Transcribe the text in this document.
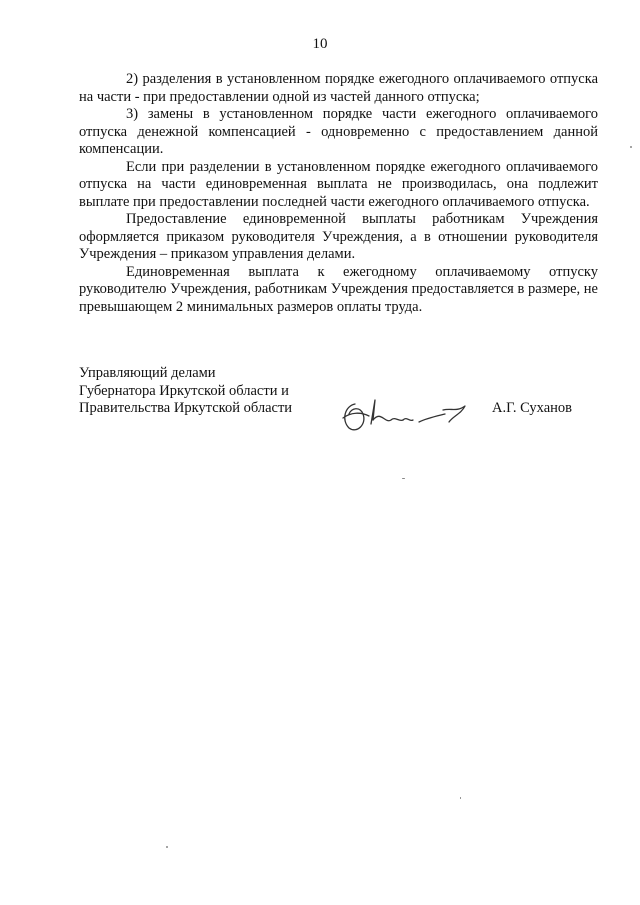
10

2) разделения в установленном порядке ежегодного оплачиваемого отпуска на части - при предоставлении одной из частей данного отпуска;

3) замены в установленном порядке части ежегодного оплачиваемого отпуска денежной компенсацией - одновременно с предоставлением данной компенсации.

Если при разделении в установленном порядке ежегодного оплачиваемого отпуска на части единовременная выплата не производилась, она подлежит выплате при предоставлении последней части ежегодного оплачиваемого отпуска.

Предоставление единовременной выплаты работникам Учреждения оформляется приказом руководителя Учреждения, а в отношении руководителя Учреждения – приказом управления делами.

Единовременная выплата к ежегодному оплачиваемому отпуску руководителю Учреждения, работникам Учреждения предоставляется в размере, не превышающем 2 минимальных размеров оплаты труда.

Управляющий делами
Губернатора Иркутской области и
Правительства Иркутской области	А.Г. Суханов
